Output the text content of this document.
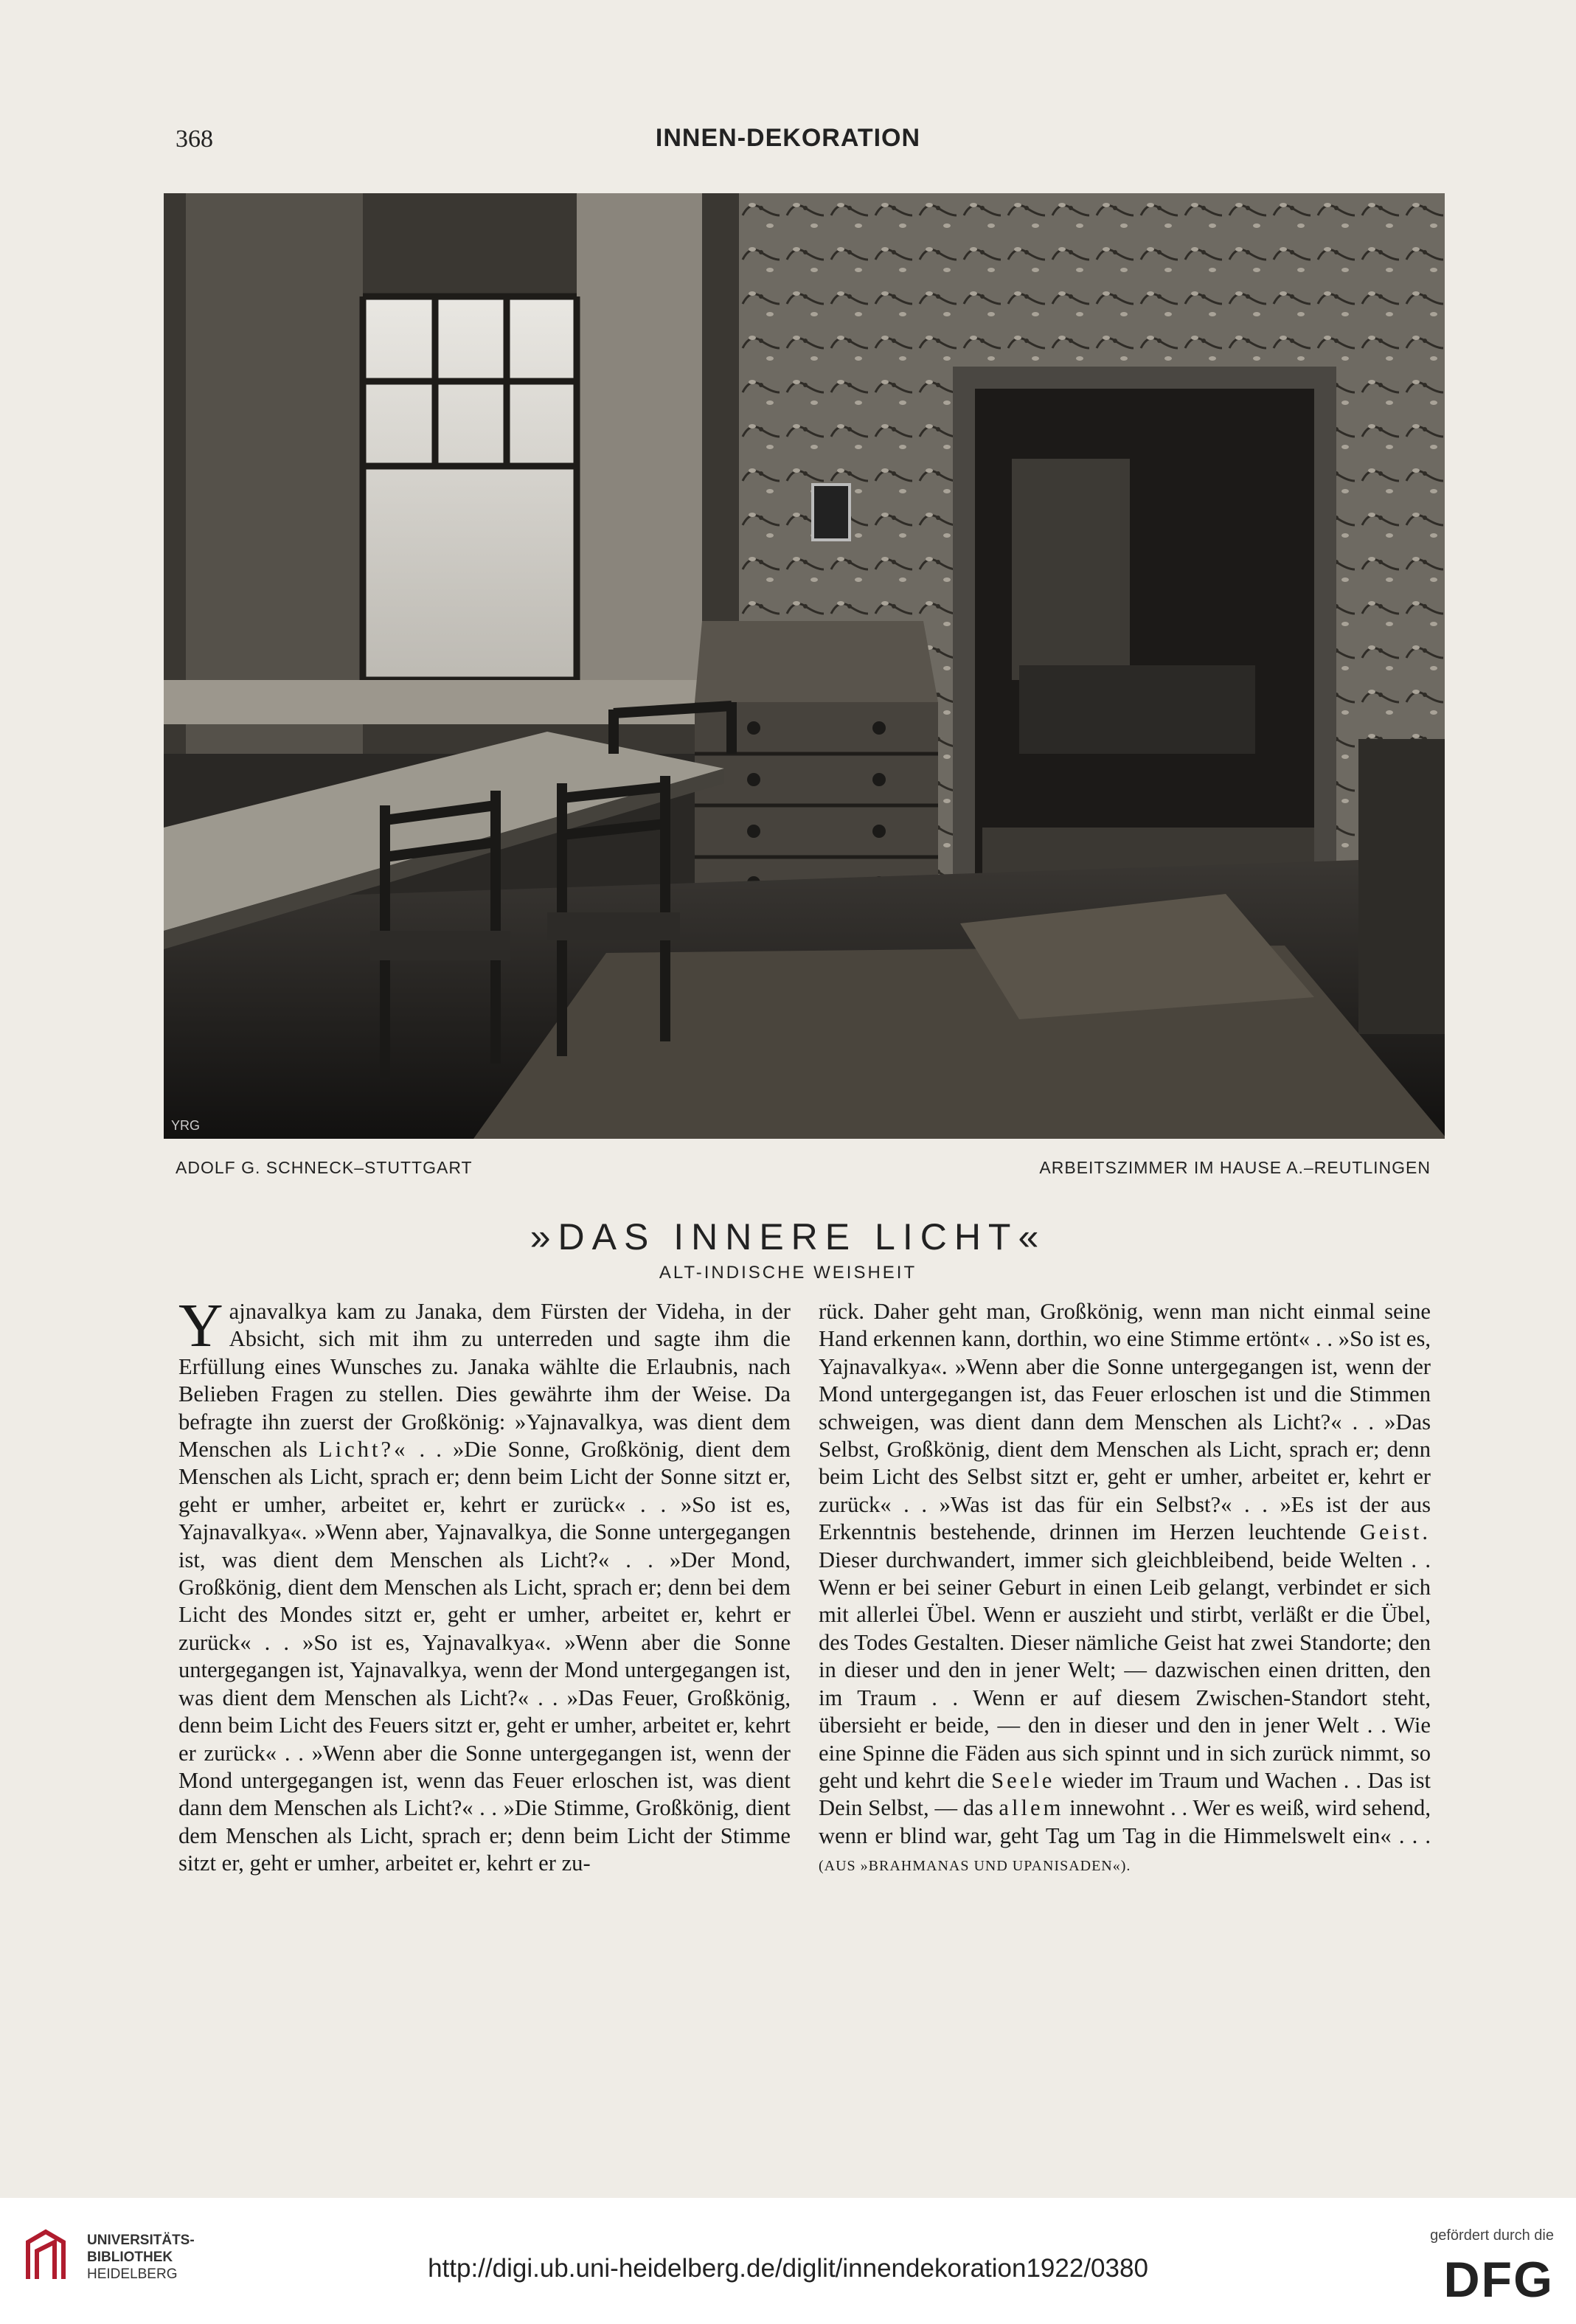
368	INNEN-DEKORATION
YRG
ADOLF G. SCHNECK–STUTTGART	ARBEITSZIMMER IM HAUSE A.–REUTLINGEN
»DAS INNERE LICHT«
ALT-INDISCHE WEISHEIT

Yajnavalkya kam zu Janaka, dem Fürsten der Videha, in der Absicht, sich mit ihm zu unterreden und sagte ihm die Erfüllung eines Wunsches zu. Janaka wählte die Erlaubnis, nach Belieben Fragen zu stellen. Dies gewährte ihm der Weise. Da befragte ihn zuerst der Großkönig: »Yajnavalkya, was dient dem Menschen als Licht?« . . »Die Sonne, Großkönig, dient dem Menschen als Licht, sprach er; denn beim Licht der Sonne sitzt er, geht er umher, arbeitet er, kehrt er zurück« . . »So ist es, Yajnavalkya«. »Wenn aber, Yajnavalkya, die Sonne untergegangen ist, was dient dem Menschen als Licht?« . . »Der Mond, Großkönig, dient dem Menschen als Licht, sprach er; denn bei dem Licht des Mondes sitzt er, geht er umher, arbeitet er, kehrt er zurück« . . »So ist es, Yajnavalkya«. »Wenn aber die Sonne untergegangen ist, Yajnavalkya, wenn der Mond untergegangen ist, was dient dem Menschen als Licht?« . . »Das Feuer, Großkönig, denn beim Licht des Feuers sitzt er, geht er umher, arbeitet er, kehrt er zurück« . . »Wenn aber die Sonne untergegangen ist, wenn der Mond untergegangen ist, wenn das Feuer erloschen ist, was dient dann dem Menschen als Licht?« . . »Die Stimme, Großkönig, dient dem Menschen als Licht, sprach er; denn beim Licht der Stimme sitzt er, geht er umher, arbeitet er, kehrt er zu-

rück. Daher geht man, Großkönig, wenn man nicht einmal seine Hand erkennen kann, dorthin, wo eine Stimme ertönt« . . »So ist es, Yajnavalkya«. »Wenn aber die Sonne untergegangen ist, wenn der Mond untergegangen ist, das Feuer erloschen ist und die Stimmen schweigen, was dient dann dem Menschen als Licht?« . . »Das Selbst, Großkönig, dient dem Menschen als Licht, sprach er; denn beim Licht des Selbst sitzt er, geht er umher, arbeitet er, kehrt er zurück« . . »Was ist das für ein Selbst?« . . »Es ist der aus Erkenntnis bestehende, drinnen im Herzen leuchtende Geist. Dieser durchwandert, immer sich gleichbleibend, beide Welten . . Wenn er bei seiner Geburt in einen Leib gelangt, verbindet er sich mit allerlei Übel. Wenn er auszieht und stirbt, verläßt er die Übel, des Todes Gestalten. Dieser nämliche Geist hat zwei Standorte; den in dieser und den in jener Welt; — dazwischen einen dritten, den im Traum . . Wenn er auf diesem Zwischen-Standort steht, übersieht er beide, — den in dieser und den in jener Welt . . Wie eine Spinne die Fäden aus sich spinnt und in sich zurück nimmt, so geht und kehrt die Seele wieder im Traum und Wachen . . Das ist Dein Selbst, — das allem innewohnt . . Wer es weiß, wird sehend, wenn er blind war, geht Tag um Tag in die Himmelswelt ein« . . . (AUS »BRAHMANAS UND UPANISADEN«).

UNIVERSITÄTS-
BIBLIOTHEK
HEIDELBERG	http://digi.ub.uni-heidelberg.de/diglit/innendekoration1922/0380
gefördert durch die
DFG
